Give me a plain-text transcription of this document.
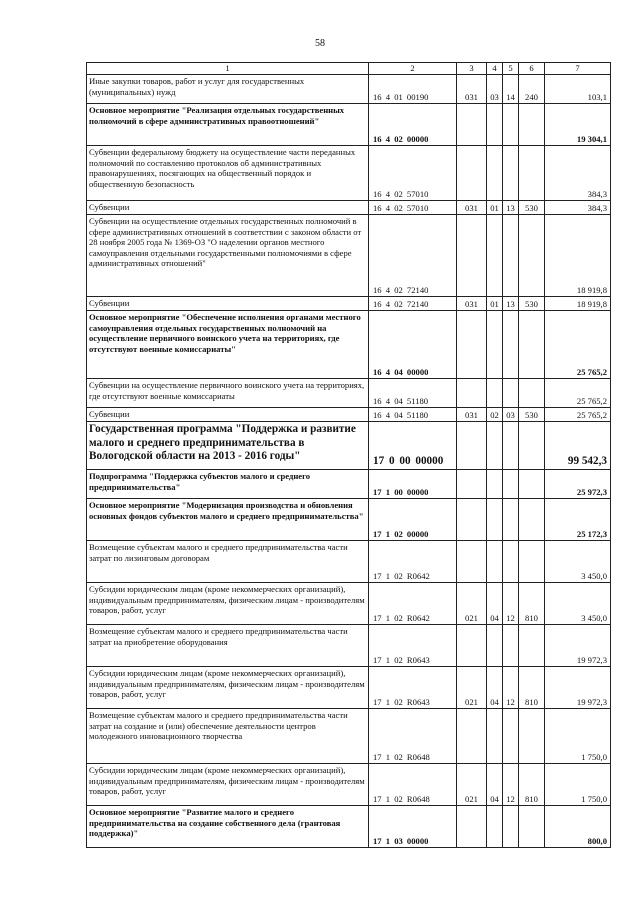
58
1	2	3	4	5	6	7
Иные закупки товаров, работ и услуг для государственных (муниципальных) нужд	16 4 01 00190	031	03	14	240	103,1
Основное мероприятие "Реализация отдельных государственных полномочий в сфере административных правоотношений"	16 4 02 00000					19 304,1
Субвенции федеральному бюджету на осуществление части переданных полномочий по составлению протоколов об административных правонарушениях, посягающих на общественный порядок и общественную безопасность	16 4 02 57010					384,3
Субвенции	16 4 02 57010	031	01	13	530	384,3
Субвенции на осуществление отдельных государственных полномочий в сфере административных отношений в соответствии с законом области от 28 ноября 2005 года № 1369-ОЗ "О наделении органов местного самоуправления отдельными государственными полномочиями в сфере административных отношений"	16 4 02 72140					18 919,8
Субвенции	16 4 02 72140	031	01	13	530	18 919,8
Основное мероприятие "Обеспечение исполнения органами местного самоуправления отдельных государственных полномочий на осуществление первичного воинского учета на территориях, где отсутствуют военные комиссариаты"	16 4 04 00000					25 765,2
Субвенции на осуществление первичного воинского учета на территориях, где отсутствуют военные комиссариаты	16 4 04 51180					25 765,2
Субвенции	16 4 04 51180	031	02	03	530	25 765,2
Государственная программа "Поддержка и развитие малого и среднего предпринимательства в Вологодской области на 2013 - 2016 годы"	17 0 00 00000					99 542,3
Подпрограмма "Поддержка субъектов малого и среднего предпринимательства"	17 1 00 00000					25 972,3
Основное мероприятие "Модернизация производства и обновления основных фондов субъектов малого и среднего предпринимательства"	17 1 02 00000					25 172,3
Возмещение субъектам малого и среднего предпринимательства части затрат по лизинговым договорам	17 1 02 R0642					3 450,0
Субсидии юридическим лицам (кроме некоммерческих организаций), индивидуальным предпринимателям, физическим лицам - производителям товаров, работ, услуг	17 1 02 R0642	021	04	12	810	3 450,0
Возмещение субъектам малого и среднего предпринимательства части затрат на приобретение оборудования	17 1 02 R0643					19 972,3
Субсидии юридическим лицам (кроме некоммерческих организаций), индивидуальным предпринимателям, физическим лицам - производителям товаров, работ, услуг	17 1 02 R0643	021	04	12	810	19 972,3
Возмещение субъектам малого и среднего предпринимательства части затрат на создание и (или) обеспечение деятельности центров молодежного инновационного творчества	17 1 02 R0648					1 750,0
Субсидии юридическим лицам (кроме некоммерческих организаций), индивидуальным предпринимателям, физическим лицам - производителям товаров, работ, услуг	17 1 02 R0648	021	04	12	810	1 750,0
Основное мероприятие "Развитие малого и среднего предпринимательства на создание собственного дела (грантовая поддержка)"	17 1 03 00000					800,0
